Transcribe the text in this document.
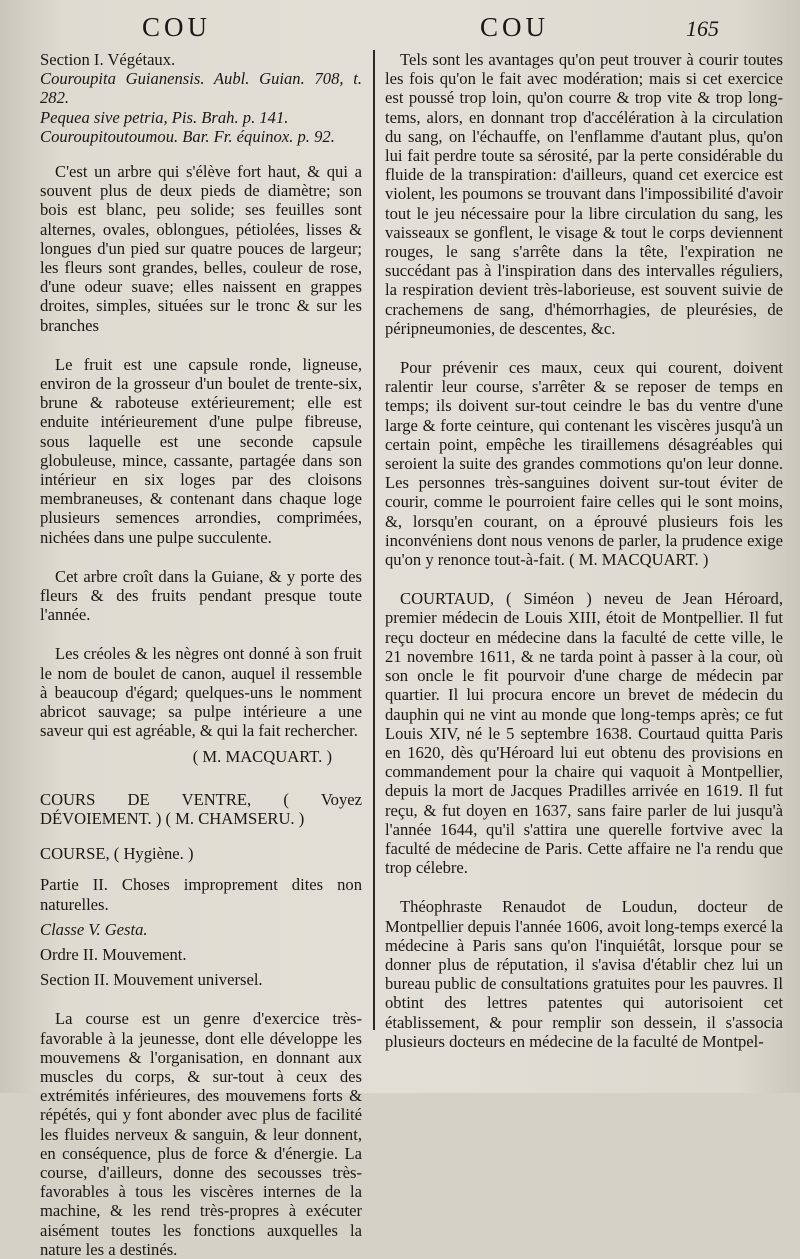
COU	COU	165

Section I. Végétaux.

Couroupita Guianensis. Aubl. Guian. 708, t. 282.

Pequea sive petria, Pis. Brah. p. 141.

Couroupitoutoumou. Bar. Fr. équinox. p. 92.

C'est un arbre qui s'élève fort haut, & qui a souvent plus de deux pieds de diamètre; son bois est blanc, peu solide; ses feuilles sont alternes, ovales, oblongues, pétiolées, lisses & longues d'un pied sur quatre pouces de largeur; les fleurs sont grandes, belles, couleur de rose, d'une odeur suave; elles naissent en grappes droites, simples, situées sur le tronc & sur les branches

Le fruit est une capsule ronde, ligneuse, environ de la grosseur d'un boulet de trente-six, brune & raboteuse extérieurement; elle est enduite intérieurement d'une pulpe fibreuse, sous laquelle est une seconde capsule globuleuse, mince, cassante, partagée dans son intérieur en six loges par des cloisons membraneuses, & contenant dans chaque loge plusieurs semences arrondies, comprimées, nichées dans une pulpe succulente.

Cet arbre croît dans la Guiane, & y porte des fleurs & des fruits pendant presque toute l'année.

Les créoles & les nègres ont donné à son fruit le nom de boulet de canon, auquel il ressemble à beaucoup d'égard; quelques-uns le nomment abricot sauvage; sa pulpe intérieure a une saveur qui est agréable, & qui la fait rechercher.

( M. MACQUART. )

COURS DE VENTRE, ( Voyez DÉVOIEMENT. ) ( M. CHAMSERU. )

COURSE, ( Hygiène. )

Partie II. Choses improprement dites non naturelles.

Classe V. Gesta.

Ordre II. Mouvement.

Section II. Mouvement universel.

La course est un genre d'exercice très-favorable à la jeunesse, dont elle développe les mouvemens & l'organisation, en donnant aux muscles du corps, & sur-tout à ceux des extrémités inférieures, des mouvemens forts & répétés, qui y font abonder avec plus de facilité les fluides nerveux & sanguin, & leur donnent, en conséquence, plus de force & d'énergie. La course, d'ailleurs, donne des secousses très-favorables à tous les viscères internes de la machine, & les rend très-propres à exécuter aisément toutes les fonctions auxquelles la nature les a destinés.

Tels sont les avantages qu'on peut trouver à courir toutes les fois qu'on le fait avec modération; mais si cet exercice est poussé trop loin, qu'on courre & trop vite & trop long-tems, alors, en donnant trop d'accélération à la circulation du sang, on l'échauffe, on l'enflamme d'autant plus, qu'on lui fait perdre toute sa sérosité, par la perte considérable du fluide de la transpiration: d'ailleurs, quand cet exercice est violent, les poumons se trouvant dans l'impossibilité d'avoir tout le jeu nécessaire pour la libre circulation du sang, les vaisseaux se gonflent, le visage & tout le corps deviennent rouges, le sang s'arrête dans la tête, l'expiration ne succédant pas à l'inspiration dans des intervalles réguliers, la respiration devient très-laborieuse, est souvent suivie de crachemens de sang, d'hémorrhagies, de pleurésies, de péripneumonies, de descentes, &c.

Pour prévenir ces maux, ceux qui courent, doivent ralentir leur course, s'arrêter & se reposer de temps en temps; ils doivent sur-tout ceindre le bas du ventre d'une large & forte ceinture, qui contenant les viscères jusqu'à un certain point, empêche les tiraillemens désagréables qui seroient la suite des grandes commotions qu'on leur donne. Les personnes très-sanguines doivent sur-tout éviter de courir, comme le pourroient faire celles qui le sont moins, &, lorsqu'en courant, on a éprouvé plusieurs fois les inconvéniens dont nous venons de parler, la prudence exige qu'on y renonce tout-à-fait. ( M. MACQUART. )

COURTAUD, ( Siméon ) neveu de Jean Héroard, premier médecin de Louis XIII, étoit de Montpellier. Il fut reçu docteur en médecine dans la faculté de cette ville, le 21 novembre 1611, & ne tarda point à passer à la cour, où son oncle le fit pourvoir d'une charge de médecin par quartier. Il lui procura encore un brevet de médecin du dauphin qui ne vint au monde que long-temps après; ce fut Louis XIV, né le 5 septembre 1638. Courtaud quitta Paris en 1620, dès qu'Héroard lui eut obtenu des provisions en commandement pour la chaire qui vaquoit à Montpellier, depuis la mort de Jacques Pradilles arrivée en 1619. Il fut reçu, & fut doyen en 1637, sans faire parler de lui jusqu'à l'année 1644, qu'il s'attira une querelle fortvive avec la faculté de médecine de Paris. Cette affaire ne l'a rendu que trop célebre.

Théophraste Renaudot de Loudun, docteur de Montpellier depuis l'année 1606, avoit long-temps exercé la médecine à Paris sans qu'on l'inquiétât, lorsque pour se donner plus de réputation, il s'avisa d'établir chez lui un bureau public de consultations gratuites pour les pauvres. Il obtint des lettres patentes qui autorisoient cet établissement, & pour remplir son dessein, il s'associa plusieurs docteurs en médecine de la faculté de Montpel-
